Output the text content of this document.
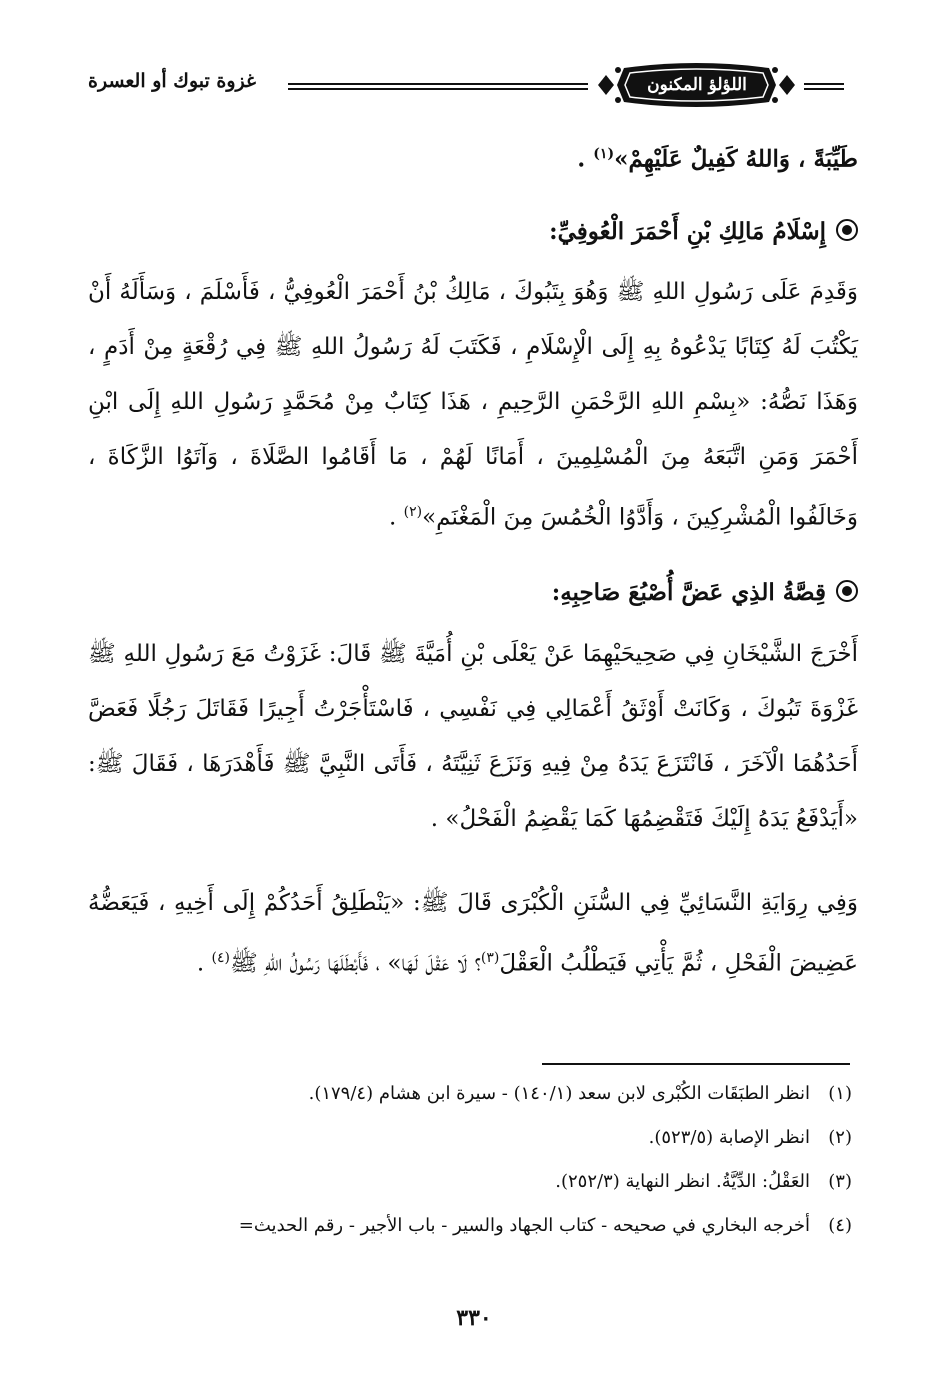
غزوة تبوك أو العسرة	اللؤلؤ المكنون
طَيِّبَةً ، وَاللهُ كَفِيلٌ عَلَيْهِمْ»$^{(١)}$ .
إِسْلَامُ مَالِكِ بْنِ أَحْمَرَ الْعُوفِيِّ:
وَقَدِمَ عَلَى رَسُولِ اللهِ ﷺ وَهُوَ بِتَبُوكَ ، مَالِكُ بْنُ أَحْمَرَ الْعُوفِيُّ ، فَأَسْلَمَ ، وَسَأَلَهُ أَنْ يَكْتُبَ لَهُ كِتَابًا يَدْعُوهُ بِهِ إِلَى الْإِسْلَامِ ، فَكَتَبَ لَهُ رَسُولُ اللهِ ﷺ فِي رُقْعَةٍ مِنْ أَدَمٍ ، وَهَذَا نَصُّهُ: «بِسْمِ اللهِ الرَّحْمَنِ الرَّحِيمِ ، هَذَا كِتَابٌ مِنْ مُحَمَّدٍ رَسُولِ اللهِ إِلَى ابْنِ أَحْمَرَ وَمَنِ اتَّبَعَهُ مِنَ الْمُسْلِمِينَ ، أَمَانًا لَهُمْ ، مَا أَقَامُوا الصَّلَاةَ ، وَآتَوُا الزَّكَاةَ ، وَخَالَفُوا الْمُشْرِكِينَ ، وَأَدَّوُا الْخُمُسَ مِنَ الْمَغْنَمِ»$^{(٢)}$ .
قِصَّةُ الذِي عَضَّ أُصْبُعَ صَاحِبِهِ:
أَخْرَجَ الشَّيْخَانِ فِي صَحِيحَيْهِمَا عَنْ يَعْلَى بْنِ أُمَيَّةَ ﷺ قَالَ: غَزَوْتُ مَعَ رَسُولِ اللهِ ﷺ غَزْوَةَ تَبُوكَ ، وَكَانَتْ أَوْثَقُ أَعْمَالِي فِي نَفْسِي ، فَاسْتَأْجَرْتُ أَجِيرًا فَقَاتَلَ رَجُلًا فَعَضَّ أَحَدُهُمَا الْآخَرَ ، فَانْتَزَعَ يَدَهُ مِنْ فِيهِ وَنَزَعَ ثَنِيَّتَهُ ، فَأَتَى النَّبِيَّ ﷺ فَأَهْدَرَهَا ، فَقَالَ ﷺ: «أَيَدْفَعُ يَدَهُ إِلَيْكَ فَتَقْضِمُهَا كَمَا يَقْضِمُ الْفَحْلُ» .
وَفِي رِوَايَةِ النَّسَائِيِّ فِي السُّنَنِ الْكُبْرَى قَالَ ﷺ: «يَنْطَلِقُ أَحَدُكُمْ إِلَى أَخِيهِ ، فَيَعَضُّهُ عَضِيضَ الْفَحْلِ ، ثُمَّ يَأْتِي فَيَطْلُبُ الْعَقْلَ$^{(٣)}$؟ لَا عَقْلَ لَهَا» ، فَأَبْطَلَهَا رَسُولُ اللهِ ﷺ$^{(٤)}$ .
(١)انظر الطبَقَات الكُبْرى لابن سعد (١٤٠/١) - سيرة ابن هشام (١٧٩/٤).
(٢)انظر الإصابة (٥٢٣/٥).
(٣)العَقْلُ: الدِّيَّةُ. انظر النهاية (٢٥٢/٣).
(٤)أخرجه البخاري في صحيحه - كتاب الجهاد والسير - باب الأجير - رقم الحديث=
٣٣٠
